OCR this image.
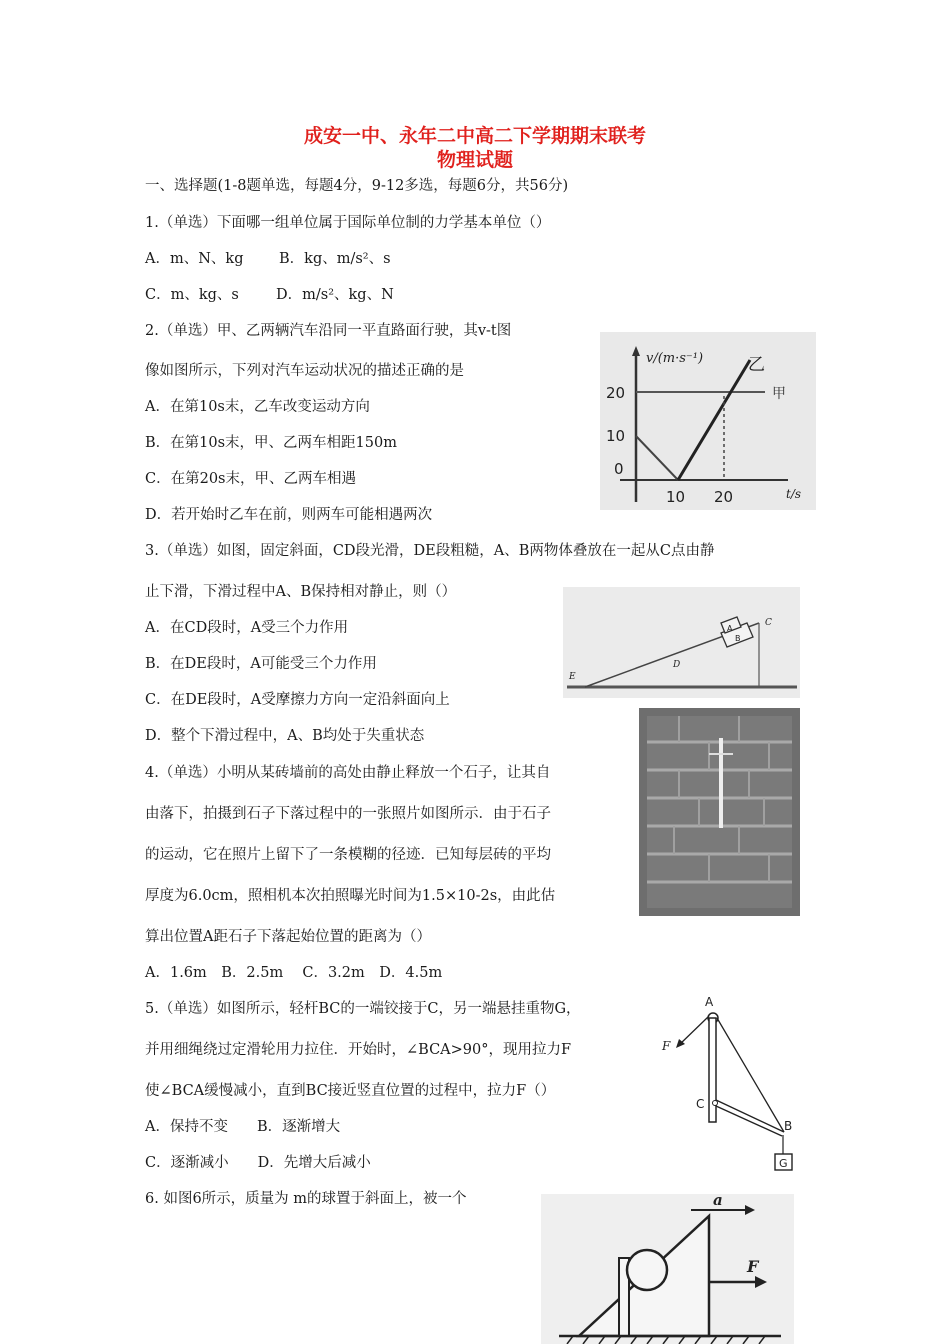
成安一中、永年二中高二下学期期末联考

物理试题

一、选择题(1-8题单选，每题4分，9-12多选，每题6分，共56分)

1.（单选）下面哪一组单位属于国际单位制的力学基本单位（）

A．m、N、kg B．kg、m/s²、s

C．m、kg、s	D．m/s²、kg、N

2.（单选）甲、乙两辆汽车沿同一平直路面行驶，其v-t图

像如图所示，下列对汽车运动状况的描述正确的是

A．在第10s末，乙车改变运动方向

B．在第10s末，甲、乙两车相距150m

C．在第20s末，甲、乙两车相遇

D．若开始时乙车在前，则两车可能相遇两次

v/(m·s⁻¹)
20
10
0
甲
乙
10 20	t/s

3.（单选）如图，固定斜面，CD段光滑，DE段粗糙，A、B两物体叠放在一起从C点由静

止下滑，下滑过程中A、B保持相对静止，则（）

A．在CD段时，A受三个力作用

B．在DE段时，A可能受三个力作用

C．在DE段时，A受摩擦力方向一定沿斜面向上

D．整个下滑过程中，A、B均处于失重状态

A
B
C
D
E

4.（单选）小明从某砖墙前的高处由静止释放一个石子，让其自

由落下，拍摄到石子下落过程中的一张照片如图所示．由于石子

的运动，它在照片上留下了一条模糊的径迹．已知每层砖的平均

厚度为6.0cm，照相机本次拍照曝光时间为1.5×10-2s，由此估

算出位置A距石子下落起始位置的距离为（）

A．1.6m　B．2.5m　 C．3.2m　D．4.5m

5.（单选）如图所示，轻杆BC的一端铰接于C，另一端悬挂重物G，

并用细绳绕过定滑轮用力拉住．开始时，∠BCA>90°，现用拉力F

使∠BCA缓慢减小，直到BC接近竖直位置的过程中，拉力F（）

A．保持不变　　B．逐渐增大

C．逐渐减小　　D．先增大后减小

A
F
C
B
G

6. 如图6所示，质量为 m的球置于斜面上，被一个	a
F
